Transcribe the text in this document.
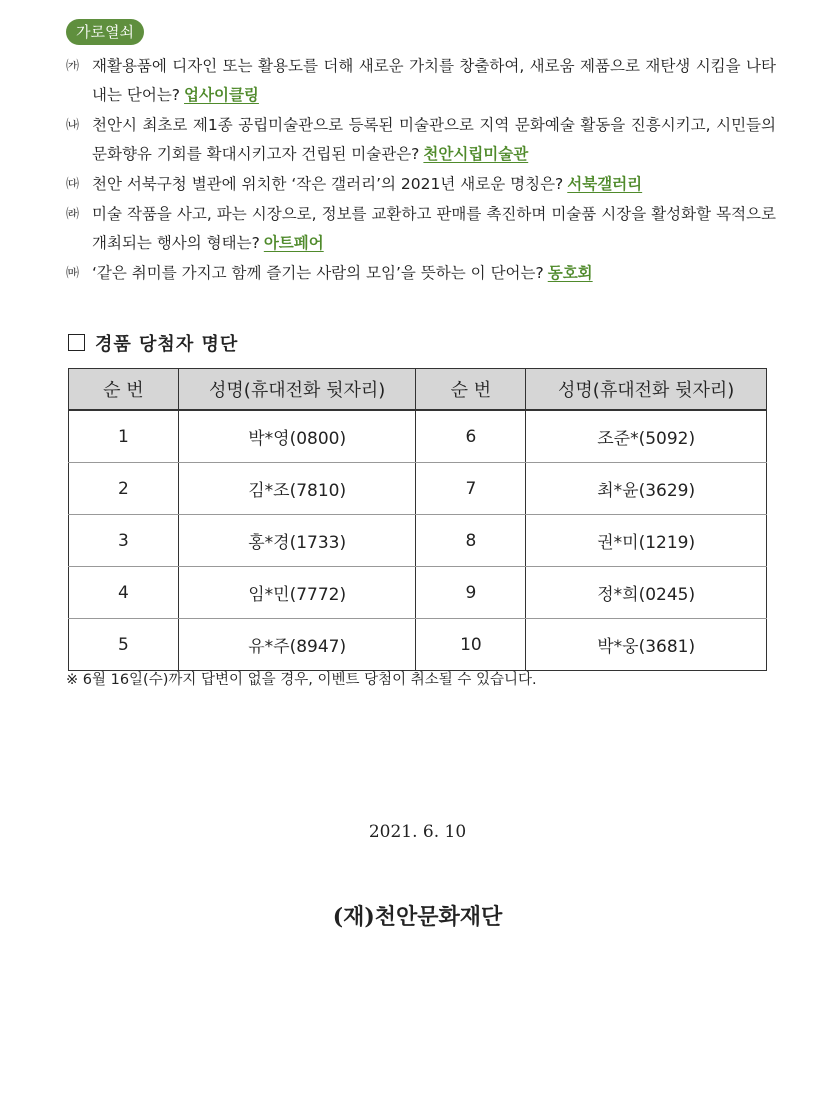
가로열쇠
㈎ 재활용품에 디자인 또는 활용도를 더해 새로운 가치를 창출하여, 새로움 제품으로 재탄생 시킴을 나타내는 단어는? 업사이클링
㈏ 천안시 최초로 제1종 공립미술관으로 등록된 미술관으로 지역 문화예술 활동을 진흥시키고, 시민들의 문화향유 기회를 확대시키고자 건립된 미술관은? 천안시립미술관
㈐ 천안 서북구청 별관에 위치한 ‘작은 갤러리’의 2021년 새로운 명칭은? 서북갤러리
㈑ 미술 작품을 사고, 파는 시장으로, 정보를 교환하고 판매를 촉진하며 미술품 시장을 활성화할 목적으로 개최되는 행사의 형태는? 아트페어
㈒ ‘같은 취미를 가지고 함께 즐기는 사람의 모임’을 뜻하는 이 단어는? 동호회
경품 당첨자 명단
순 번	성명(휴대전화 뒷자리)	순 번	성명(휴대전화 뒷자리)
1	박*영(0800)	6	조준*(5092)
2	김*조(7810)	7	최*윤(3629)
3	홍*경(1733)	8	권*미(1219)
4	임*민(7772)	9	정*희(0245)
5	유*주(8947)	10	박*웅(3681)
※ 6월 16일(수)까지 답변이 없을 경우, 이벤트 당첨이 취소될 수 있습니다.
2021. 6. 10
(재)천안문화재단
